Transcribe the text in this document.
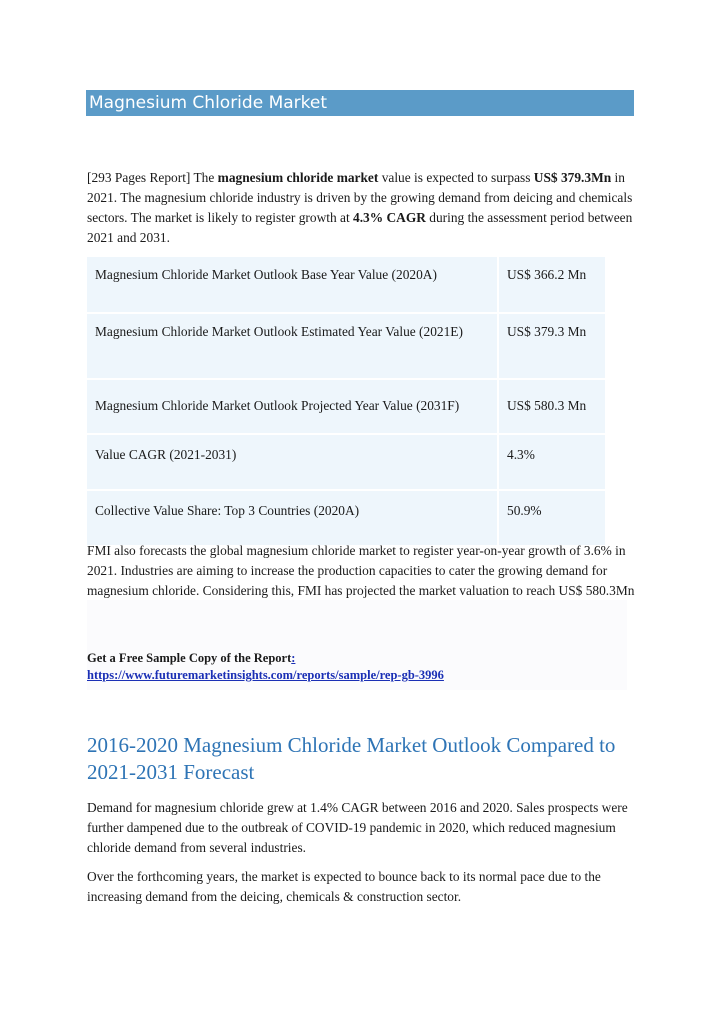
Magnesium Chloride Market
[293 Pages Report] The magnesium chloride market value is expected to surpass US$ 379.3Mn in 2021. The magnesium chloride industry is driven by the growing demand from deicing and chemicals sectors. The market is likely to register growth at 4.3% CAGR during the assessment period between 2021 and 2031.
Magnesium Chloride Market Outlook Base Year Value (2020A)	US$ 366.2 Mn
Magnesium Chloride Market Outlook Estimated Year Value (2021E)	US$ 379.3 Mn
Magnesium Chloride Market Outlook Projected Year Value (2031F)	US$ 580.3 Mn
Value CAGR (2021-2031)	4.3%
Collective Value Share: Top 3 Countries (2020A)	50.9%
FMI also forecasts the global magnesium chloride market to register year-on-year growth of 3.6% in 2021. Industries are aiming to increase the production capacities to cater the growing demand for magnesium chloride. Considering this, FMI has projected the market valuation to reach US$ 580.3Mn
Get a Free Sample Copy of the Report:
https://www.futuremarketinsights.com/reports/sample/rep-gb-3996
2016-2020 Magnesium Chloride Market Outlook Compared to 2021-2031 Forecast
Demand for magnesium chloride grew at 1.4% CAGR between 2016 and 2020. Sales prospects were further dampened due to the outbreak of COVID-19 pandemic in 2020, which reduced magnesium chloride demand from several industries.
Over the forthcoming years, the market is expected to bounce back to its normal pace due to the increasing demand from the deicing, chemicals & construction sector.
